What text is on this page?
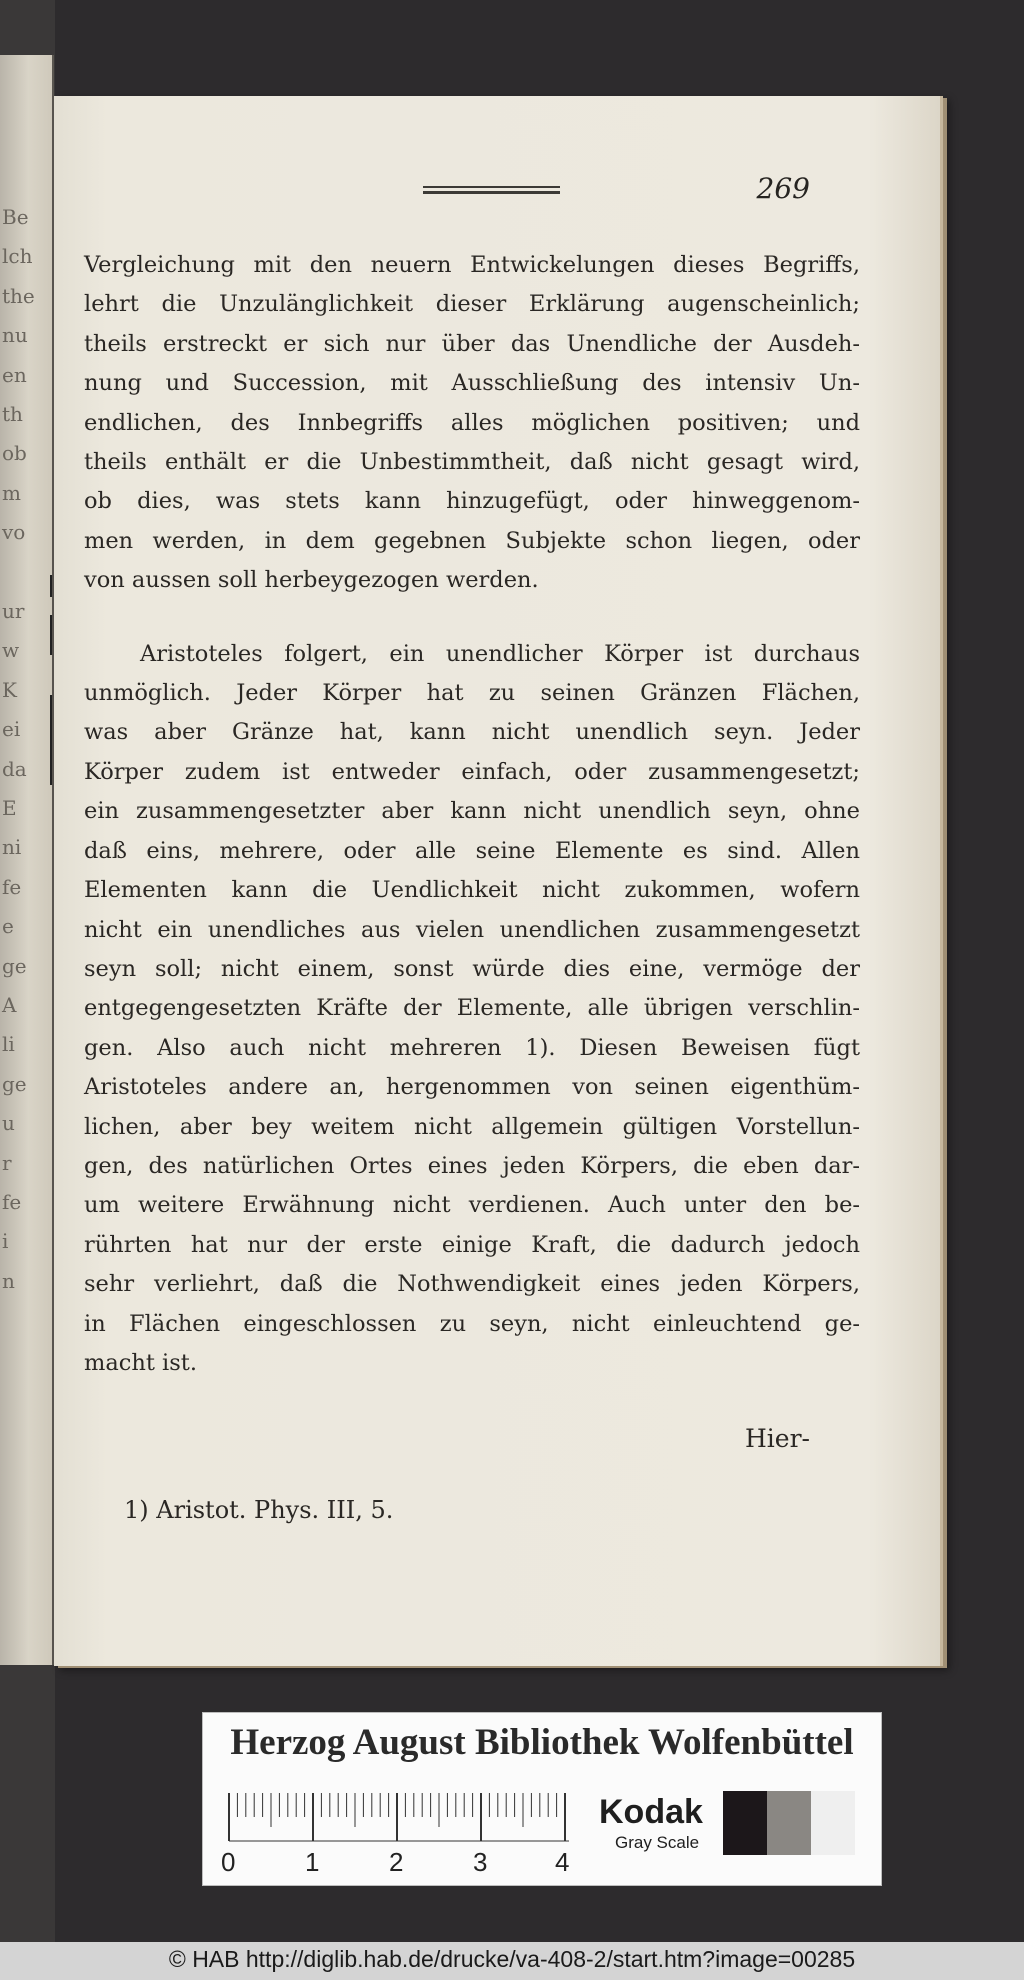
Be
lch
the
nu
en
th
ob
m
vo
ur
w
K
ei
da
E
ni
fe
e
ge
A
li
ge
u
r
fe
i
n
269
Vergleichung mit den neuern Entwickelungen dieses Begriffs,
lehrt die Unzulänglichkeit dieser Erklärung augenscheinlich;
theils erstreckt er sich nur über das Unendliche der Ausdeh-
nung und Succession, mit Ausschließung des intensiv Un-
endlichen, des Innbegriffs alles möglichen positiven; und
theils enthält er die Unbestimmtheit, daß nicht gesagt wird,
ob dies, was stets kann hinzugefügt, oder hinweggenom-
men werden, in dem gegebnen Subjekte schon liegen, oder
von aussen soll herbeygezogen werden.
Aristoteles folgert, ein unendlicher Körper ist durchaus
unmöglich. Jeder Körper hat zu seinen Gränzen Flächen,
was aber Gränze hat, kann nicht unendlich seyn. Jeder
Körper zudem ist entweder einfach, oder zusammengesetzt;
ein zusammengesetzter aber kann nicht unendlich seyn, ohne
daß eins, mehrere, oder alle seine Elemente es sind. Allen
Elementen kann die Uendlichkeit nicht zukommen, wofern
nicht ein unendliches aus vielen unendlichen zusammengesetzt
seyn soll; nicht einem, sonst würde dies eine, vermöge der
entgegengesetzten Kräfte der Elemente, alle übrigen verschlin-
gen. Also auch nicht mehreren 1). Diesen Beweisen fügt
Aristoteles andere an, hergenommen von seinen eigenthüm-
lichen, aber bey weitem nicht allgemein gültigen Vorstellun-
gen, des natürlichen Ortes eines jeden Körpers, die eben dar-
um weitere Erwähnung nicht verdienen. Auch unter den be-
rührten hat nur der erste einige Kraft, die dadurch jedoch
sehr verliehrt, daß die Nothwendigkeit eines jeden Körpers,
in Flächen eingeschlossen zu seyn, nicht einleuchtend ge-
macht ist.
Hier-
1) Aristot. Phys. III, 5.
Herzog August Bibliothek Wolfenbüttel
0	1	2	3	4
Kodak
Gray Scale
© HAB http://diglib.hab.de/drucke/va-408-2/start.htm?image=00285
